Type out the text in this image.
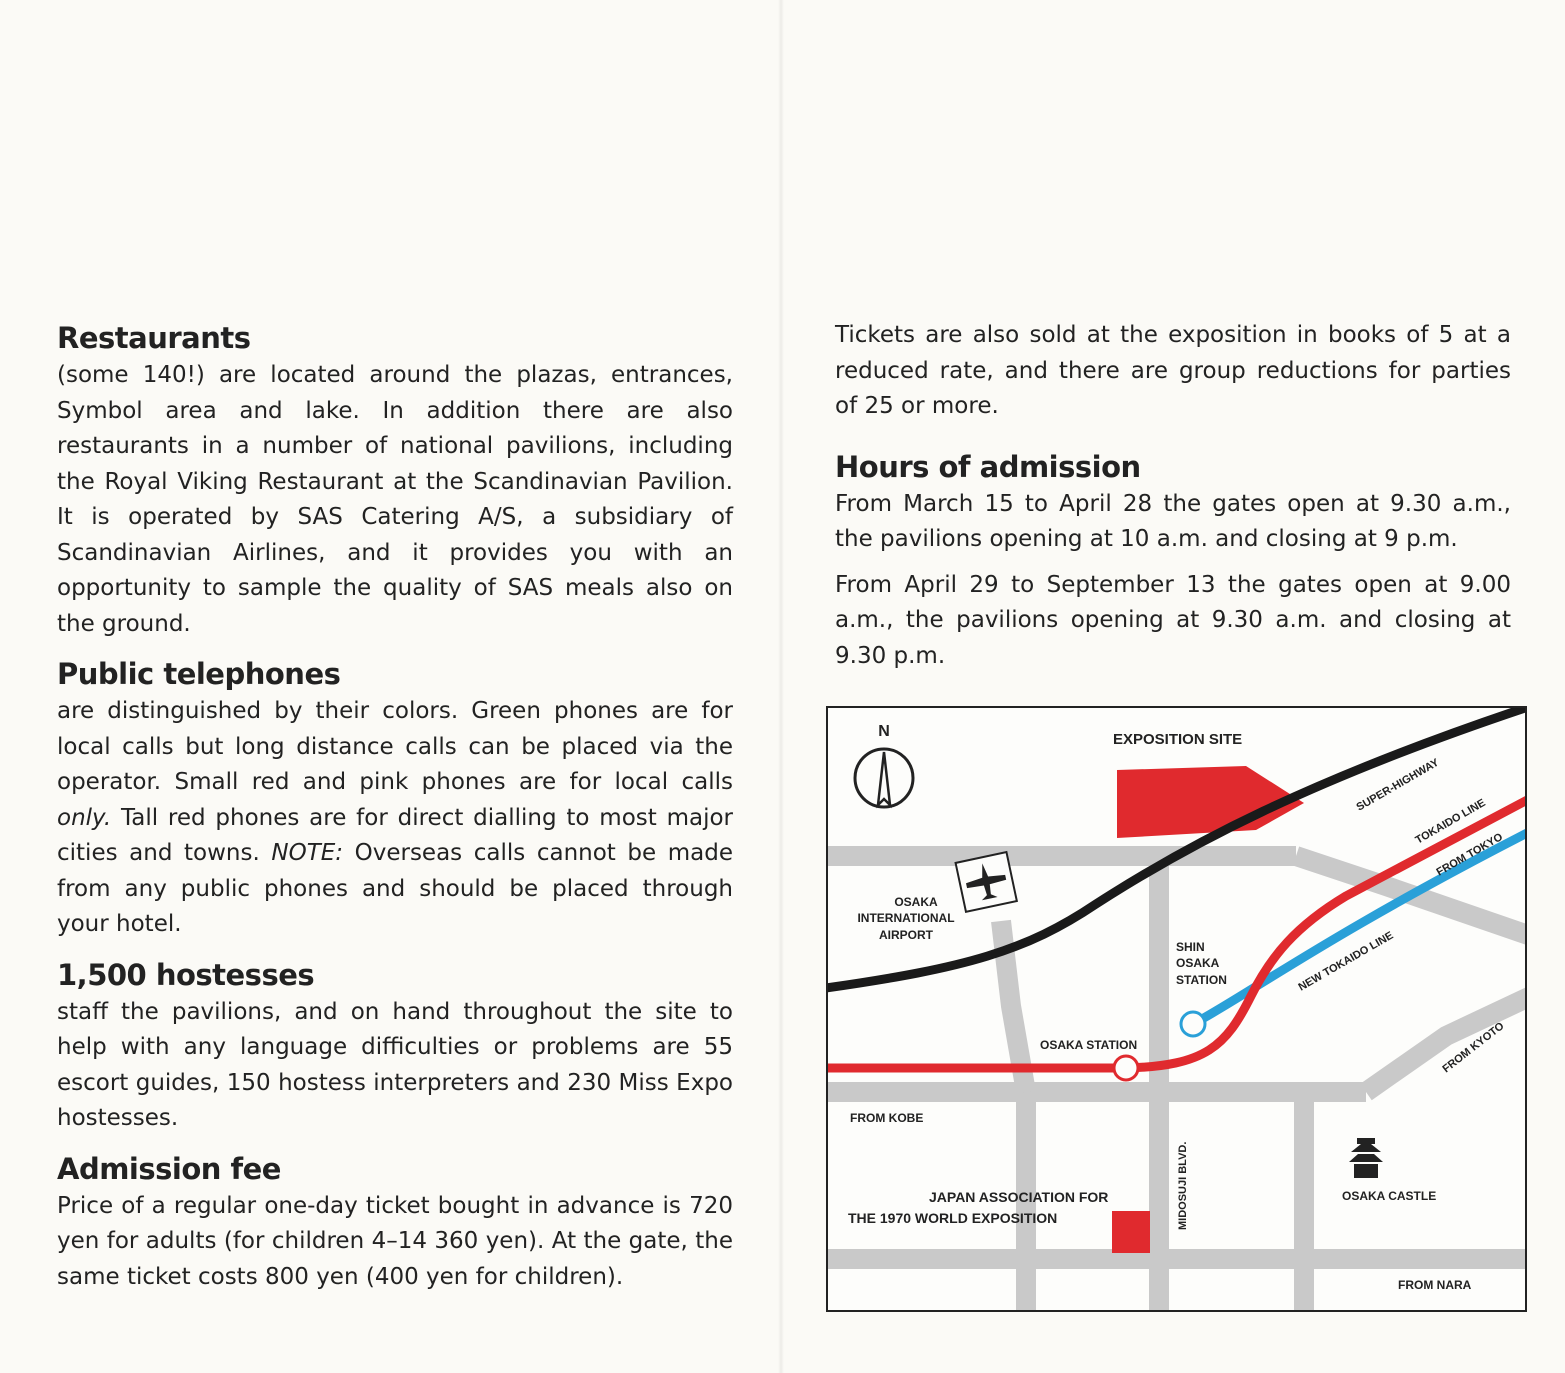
Restaurants

(some 140!) are located around the plazas, entrances, Symbol area and lake. In addition there are also restaurants in a number of national pavilions, including the Royal Viking Restaurant at the Scandinavian Pavilion. It is operated by SAS Catering A/S, a subsidiary of Scandinavian Airlines, and it provides you with an opportunity to sample the quality of SAS meals also on the ground.

Public telephones

are distinguished by their colors. Green phones are for local calls but long distance calls can be placed via the operator. Small red and pink phones are for local calls only. Tall red phones are for direct dialling to most major cities and towns. NOTE: Overseas calls cannot be made from any public phones and should be placed through your hotel.

1,500 hostesses

staff the pavilions, and on hand throughout the site to help with any language difficulties or problems are 55 escort guides, 150 hostess interpreters and 230 Miss Expo hostesses.

Admission fee

Price of a regular one-day ticket bought in advance is 720 yen for adults (for children 4–14 360 yen). At the gate, the same ticket costs 800 yen (400 yen for children).

Tickets are also sold at the exposition in books of 5 at a reduced rate, and there are group reductions for parties of 25 or more.

Hours of admission

From March 15 to April 28 the gates open at 9.30 a.m., the pavilions opening at 10 a.m. and closing at 9 p.m.

From April 29 to September 13 the gates open at 9.00 a.m., the pavilions opening at 9.30 a.m. and closing at 9.30 p.m.

N	EXPOSITION SITE
SUPER-HIGHWAY
TOKAIDO LINE
FROM TOKYO
OSAKA
INTERNATIONAL
AIRPORT
SHIN
OSAKA
STATION	NEW TOKAIDO LINE
OSAKA STATION	FROM KYOTO
FROM KOBE
MIDOSUJI BLVD.
JAPAN ASSOCIATION FOR
THE 1970 WORLD EXPOSITION
OSAKA CASTLE
FROM NARA
